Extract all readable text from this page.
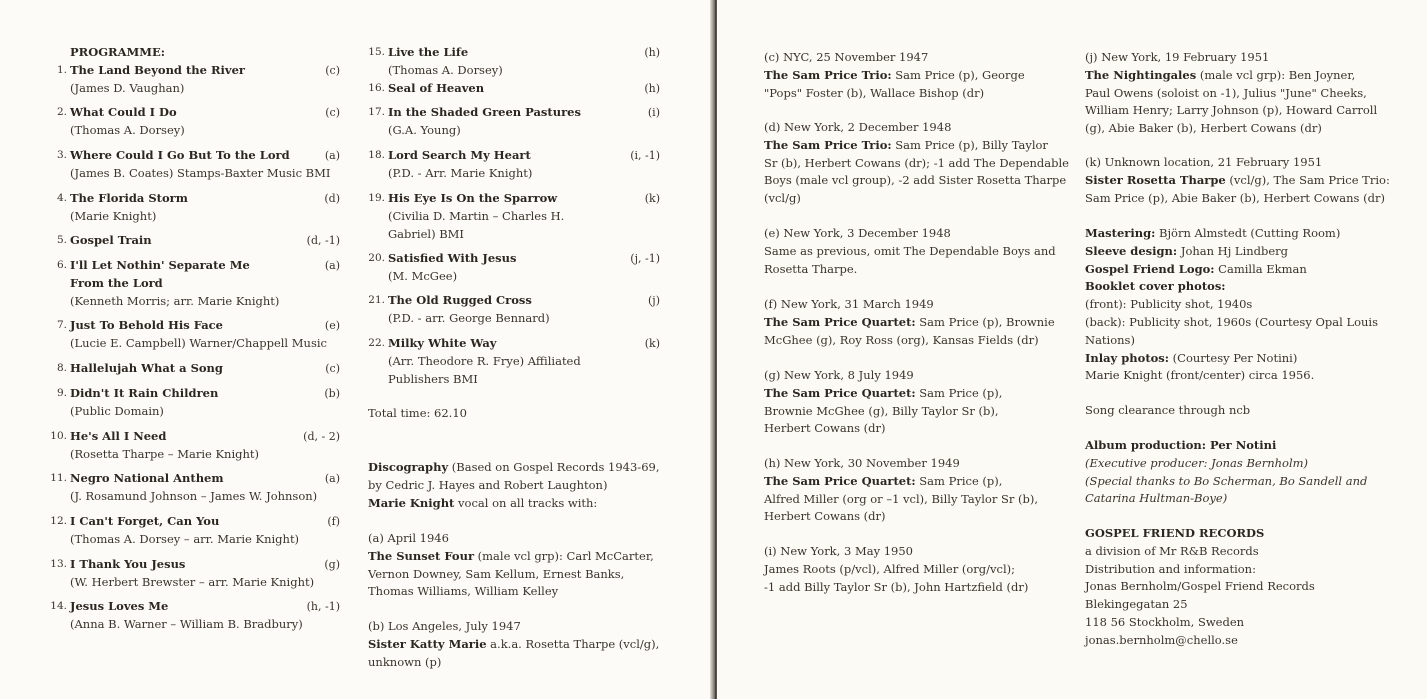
PROGRAMME:
1. The Land Beyond the River	(c)
(James D. Vaughan)
2. What Could I Do	(c)
(Thomas A. Dorsey)
3. Where Could I Go But To the Lord	(a)
(James B. Coates) Stamps-Baxter Music BMI
4. The Florida Storm	(d)
(Marie Knight)
5. Gospel Train	(d, -1)
6. I'll Let Nothin' Separate Me	(a)
From the Lord
(Kenneth Morris; arr. Marie Knight)
7. Just To Behold His Face	(e)
(Lucie E. Campbell) Warner/Chappell Music
8. Hallelujah What a Song	(c)
9. Didn't It Rain Children	(b)
(Public Domain)
10. He's All I Need	(d, - 2)
(Rosetta Tharpe – Marie Knight)
11. Negro National Anthem	(a)
(J. Rosamund Johnson – James W. Johnson)
12. I Can't Forget, Can You	(f)
(Thomas A. Dorsey – arr. Marie Knight)
13. I Thank You Jesus	(g)
(W. Herbert Brewster – arr. Marie Knight)
14. Jesus Loves Me	(h, -1)
(Anna B. Warner – William B. Bradbury)
15. Live the Life	(h)
(Thomas A. Dorsey)
16. Seal of Heaven	(h)
17. In the Shaded Green Pastures	(i)
(G.A. Young)
18. Lord Search My Heart	(i, -1)
(P.D. - Arr. Marie Knight)
19. His Eye Is On the Sparrow	(k)
(Civilia D. Martin – Charles H.
Gabriel) BMI
20. Satisfied With Jesus	(j, -1)
(M. McGee)
21. The Old Rugged Cross	(j)
(P.D. - arr. George Bennard)
22. Milky White Way	(k)
(Arr. Theodore R. Frye) Affiliated
Publishers BMI
Total time: 62.10
Discography (Based on Gospel Records 1943-69,
by Cedric J. Hayes and Robert Laughton)
Marie Knight vocal on all tracks with:
(a) April 1946
The Sunset Four (male vcl grp): Carl McCarter,
Vernon Downey, Sam Kellum, Ernest Banks,
Thomas Williams, William Kelley
(b) Los Angeles, July 1947
Sister Katty Marie a.k.a. Rosetta Tharpe (vcl/g),
unknown (p)
(c) NYC, 25 November 1947
The Sam Price Trio: Sam Price (p), George
"Pops" Foster (b), Wallace Bishop (dr)
(d) New York, 2 December 1948
The Sam Price Trio: Sam Price (p), Billy Taylor
Sr (b), Herbert Cowans (dr); -1 add The Dependable
Boys (male vcl group), -2 add Sister Rosetta Tharpe
(vcl/g)
(e) New York, 3 December 1948
Same as previous, omit The Dependable Boys and
Rosetta Tharpe.
(f) New York, 31 March 1949
The Sam Price Quartet: Sam Price (p), Brownie
McGhee (g), Roy Ross (org), Kansas Fields (dr)
(g) New York, 8 July 1949
The Sam Price Quartet: Sam Price (p),
Brownie McGhee (g), Billy Taylor Sr (b),
Herbert Cowans (dr)
(h) New York, 30 November 1949
The Sam Price Quartet: Sam Price (p),
Alfred Miller (org or –1 vcl), Billy Taylor Sr (b),
Herbert Cowans (dr)
(i) New York, 3 May 1950
James Roots (p/vcl), Alfred Miller (org/vcl);
-1 add Billy Taylor Sr (b), John Hartzfield (dr)
(j) New York, 19 February 1951
The Nightingales (male vcl grp): Ben Joyner,
Paul Owens (soloist on -1), Julius "June" Cheeks,
William Henry; Larry Johnson (p), Howard Carroll
(g), Abie Baker (b), Herbert Cowans (dr)
(k) Unknown location, 21 February 1951
Sister Rosetta Tharpe (vcl/g), The Sam Price Trio:
Sam Price (p), Abie Baker (b), Herbert Cowans (dr)
Mastering: Björn Almstedt (Cutting Room)
Sleeve design: Johan Hj Lindberg
Gospel Friend Logo: Camilla Ekman
Booklet cover photos:
(front): Publicity shot, 1940s
(back): Publicity shot, 1960s (Courtesy Opal Louis
Nations)
Inlay photos: (Courtesy Per Notini)
Marie Knight (front/center) circa 1956.
Song clearance through ncb
Album production: Per Notini
(Executive producer: Jonas Bernholm)
(Special thanks to Bo Scherman, Bo Sandell and
Catarina Hultman-Boye)
GOSPEL FRIEND RECORDS
a division of Mr R&B Records
Distribution and information:
Jonas Bernholm/Gospel Friend Records
Blekingegatan 25
118 56 Stockholm, Sweden
jonas.bernholm@chello.se
